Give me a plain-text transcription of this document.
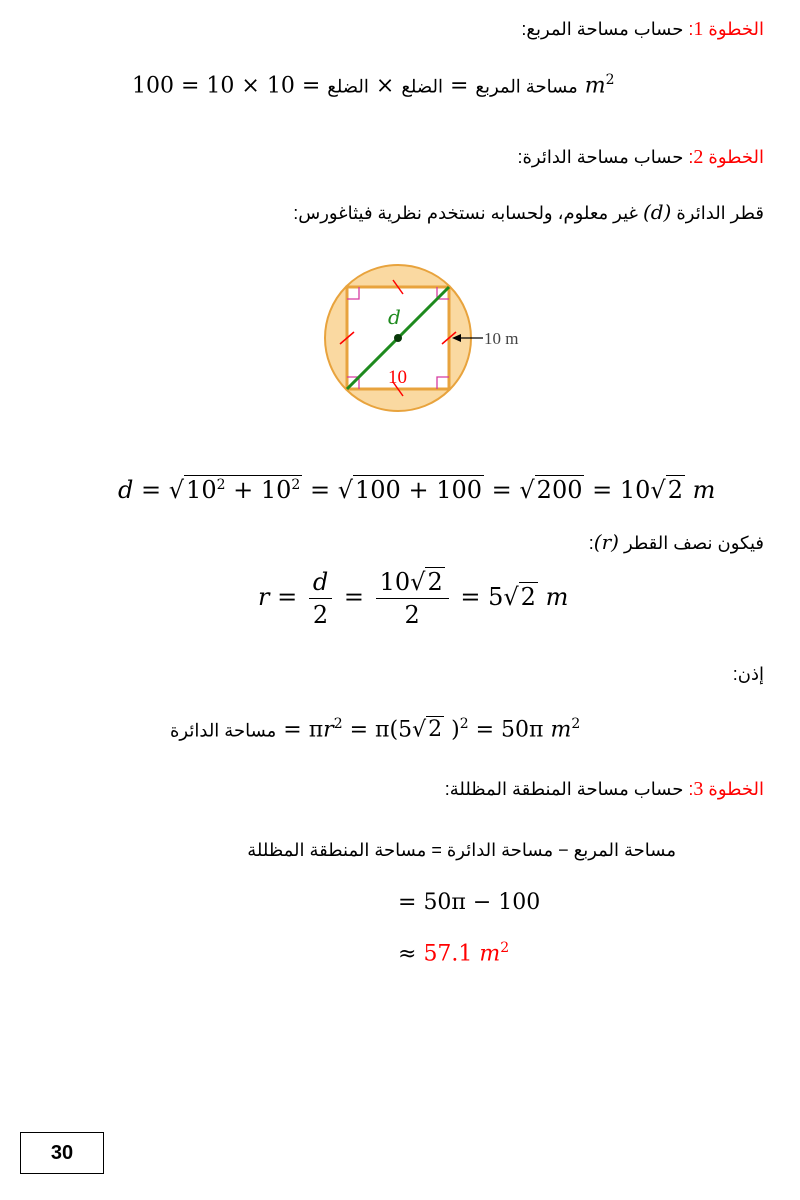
الخطوة 1: حساب مساحة المربع:
مساحة المربع = الضلع × الضلع = 10 × 10 = 100	$m^2$
الخطوة 2: حساب مساحة الدائرة:
قطر الدائرة (d) غير معلوم، ولحسابه نستخدم نظرية فيثاغورس:
d
10
10 m
$d = √10^2 + 10^2 = √100 + 100 = √200 = 10√2$ m
فيكون نصف القطر (r):
$r = \frac{d}{2} = \frac{10√2}{2} = 5√2$ m
إذن:
مساحة الدائرة = $\pi r^2 = \pi(5√2$ )$^2$ = 50π $m^2$
الخطوة 3: حساب مساحة المنطقة المظللة:
مساحة المربع − مساحة الدائرة = مساحة المنطقة المظللة
= 50π − 100
≈ 57.1 $m^2$
30
